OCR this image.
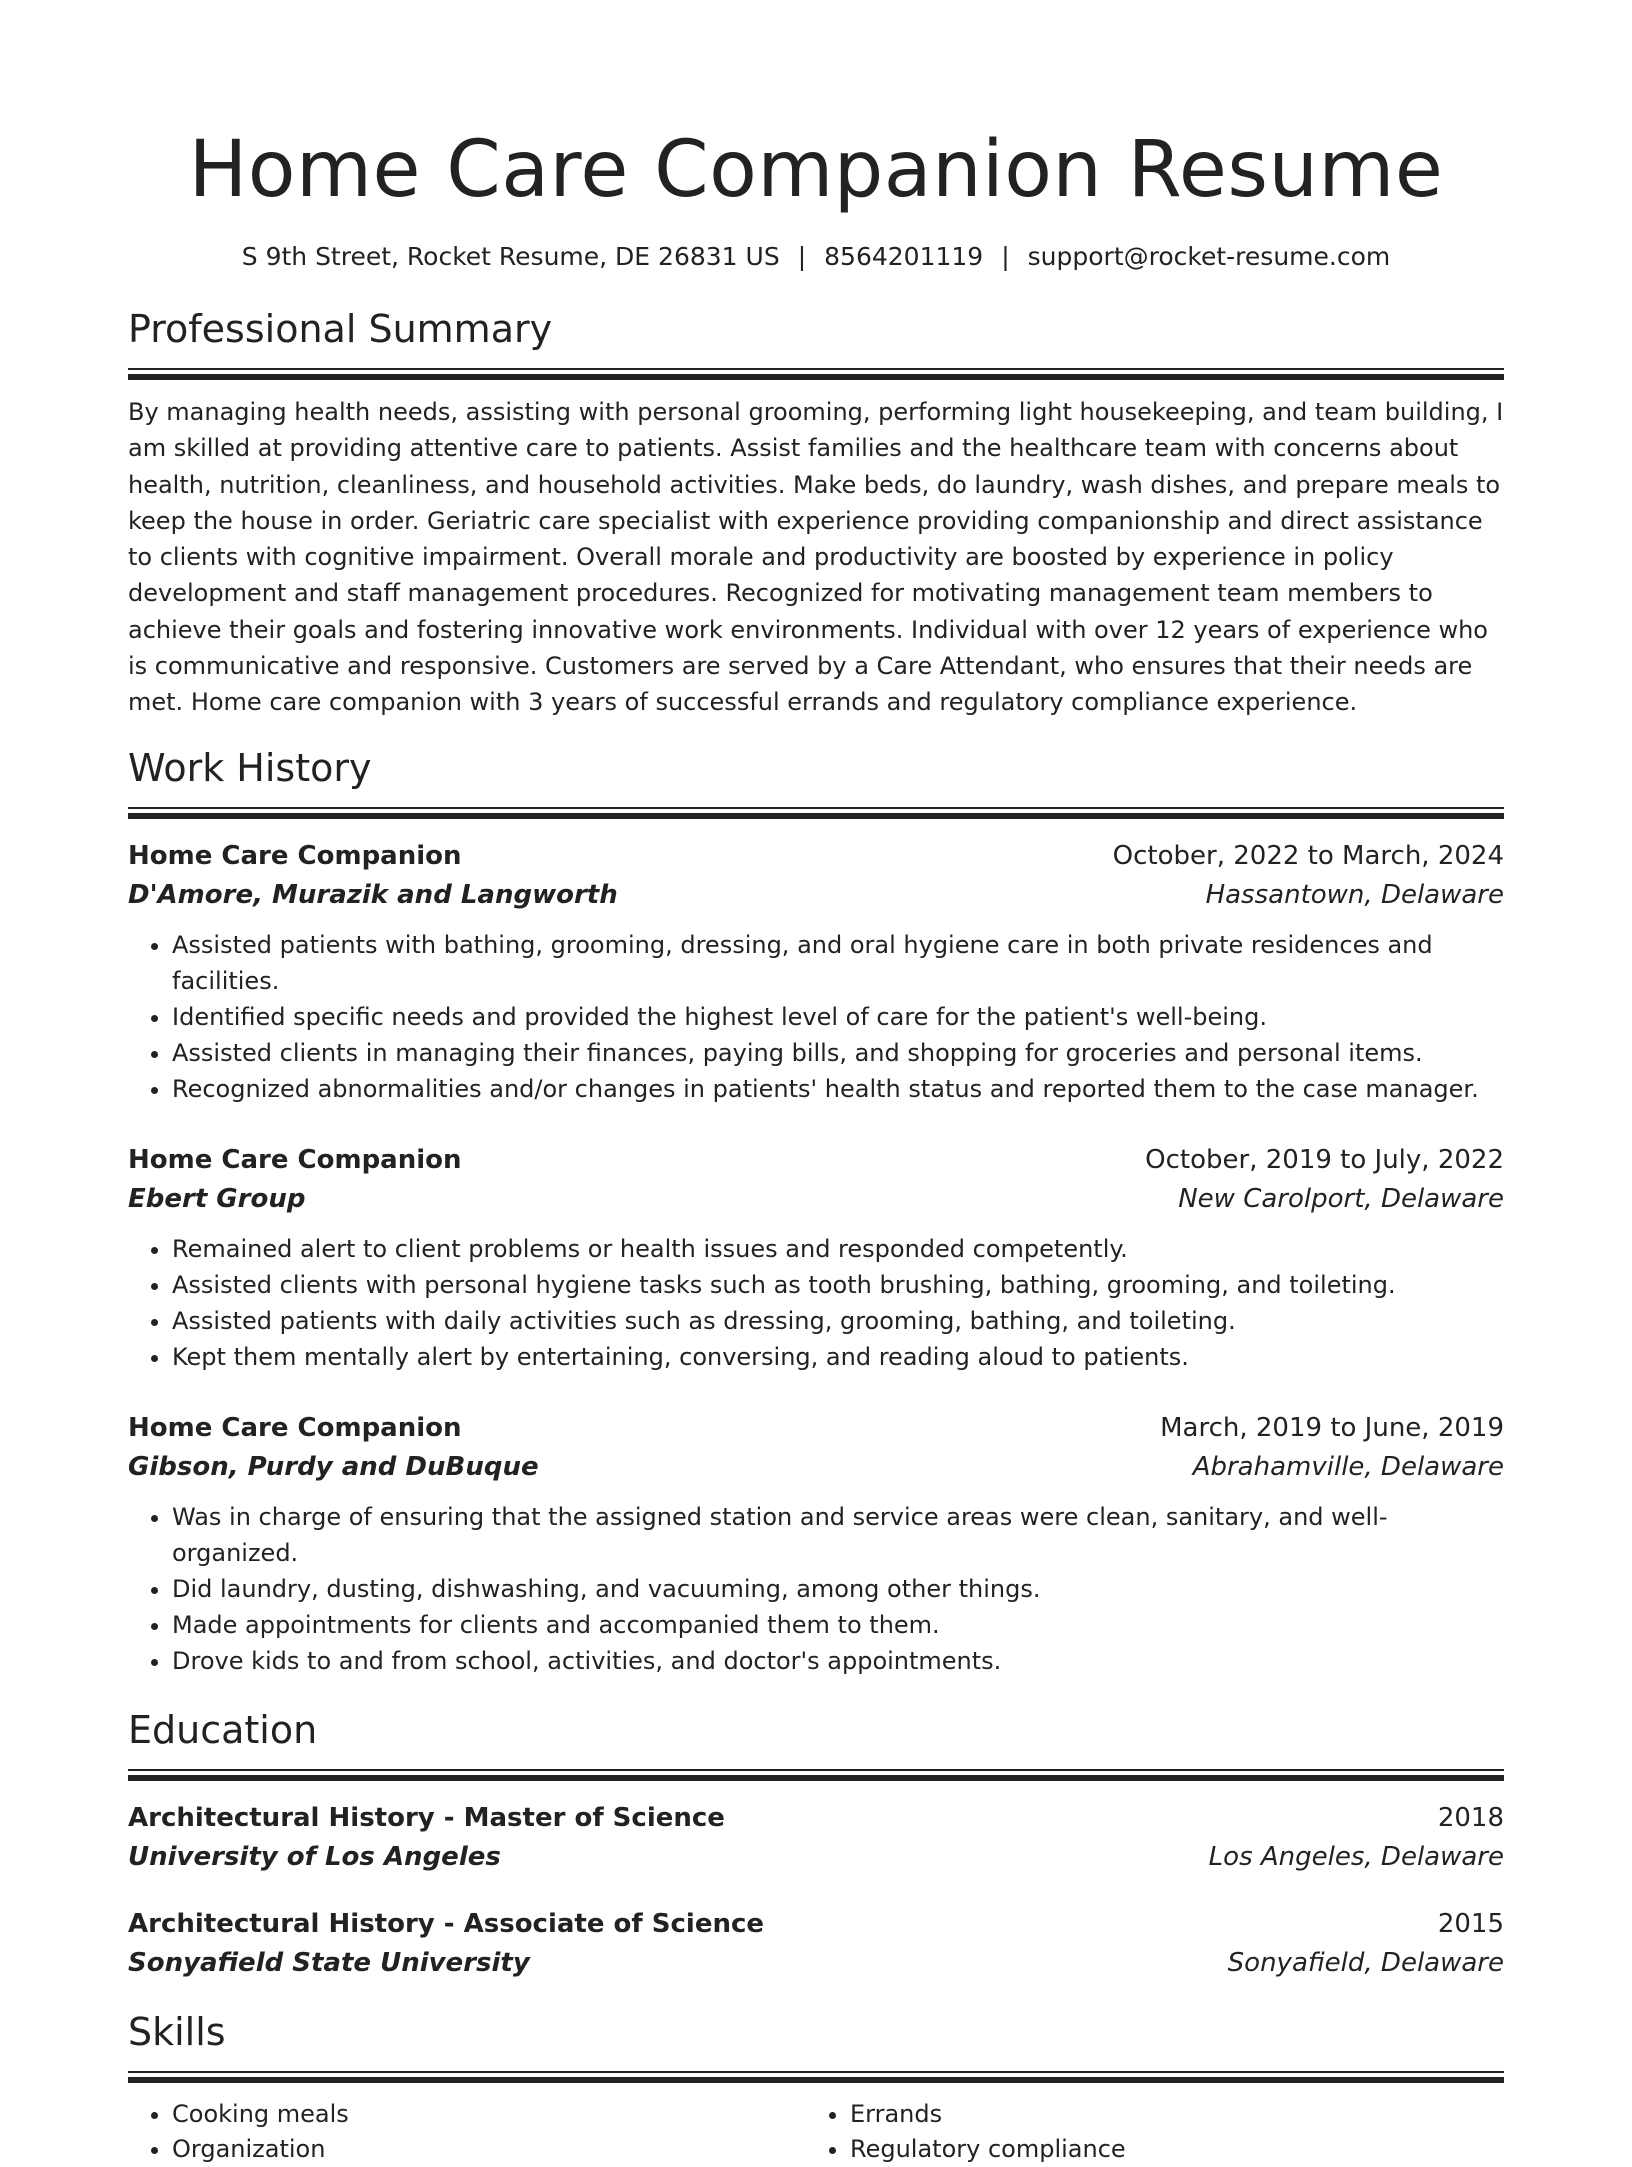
Home Care Companion Resume
S 9th Street, Rocket Resume, DE 26831 US | 8564201119 | support@rocket-resume.com
Professional Summary
By managing health needs, assisting with personal grooming, performing light housekeeping, and team building, I am skilled at providing attentive care to patients. Assist families and the healthcare team with concerns about health, nutrition, cleanliness, and household activities. Make beds, do laundry, wash dishes, and prepare meals to keep the house in order. Geriatric care specialist with experience providing companionship and direct assistance to clients with cognitive impairment. Overall morale and productivity are boosted by experience in policy development and staff management procedures. Recognized for motivating management team members to achieve their goals and fostering innovative work environments. Individual with over 12 years of experience who is communicative and responsive. Customers are served by a Care Attendant, who ensures that their needs are met. Home care companion with 3 years of successful errands and regulatory compliance experience.
Work History
Home Care Companion	October, 2022 to March, 2024
D'Amore, Murazik and Langworth	Hassantown, Delaware
• Assisted patients with bathing, grooming, dressing, and oral hygiene care in both private residences and facilities.
• Identified specific needs and provided the highest level of care for the patient's well-being.
• Assisted clients in managing their finances, paying bills, and shopping for groceries and personal items.
• Recognized abnormalities and/or changes in patients' health status and reported them to the case manager.
Home Care Companion	October, 2019 to July, 2022
Ebert Group	New Carolport, Delaware
• Remained alert to client problems or health issues and responded competently.
• Assisted clients with personal hygiene tasks such as tooth brushing, bathing, grooming, and toileting.
• Assisted patients with daily activities such as dressing, grooming, bathing, and toileting.
• Kept them mentally alert by entertaining, conversing, and reading aloud to patients.
Home Care Companion	March, 2019 to June, 2019
Gibson, Purdy and DuBuque	Abrahamville, Delaware
• Was in charge of ensuring that the assigned station and service areas were clean, sanitary, and well-organized.
• Did laundry, dusting, dishwashing, and vacuuming, among other things.
• Made appointments for clients and accompanied them to them.
• Drove kids to and from school, activities, and doctor's appointments.
Education
Architectural History - Master of Science	2018
University of Los Angeles	Los Angeles, Delaware
Architectural History - Associate of Science	2015
Sonyafield State University	Sonyafield, Delaware
Skills
• Cooking meals
• Organization
• Errands
• Regulatory compliance
